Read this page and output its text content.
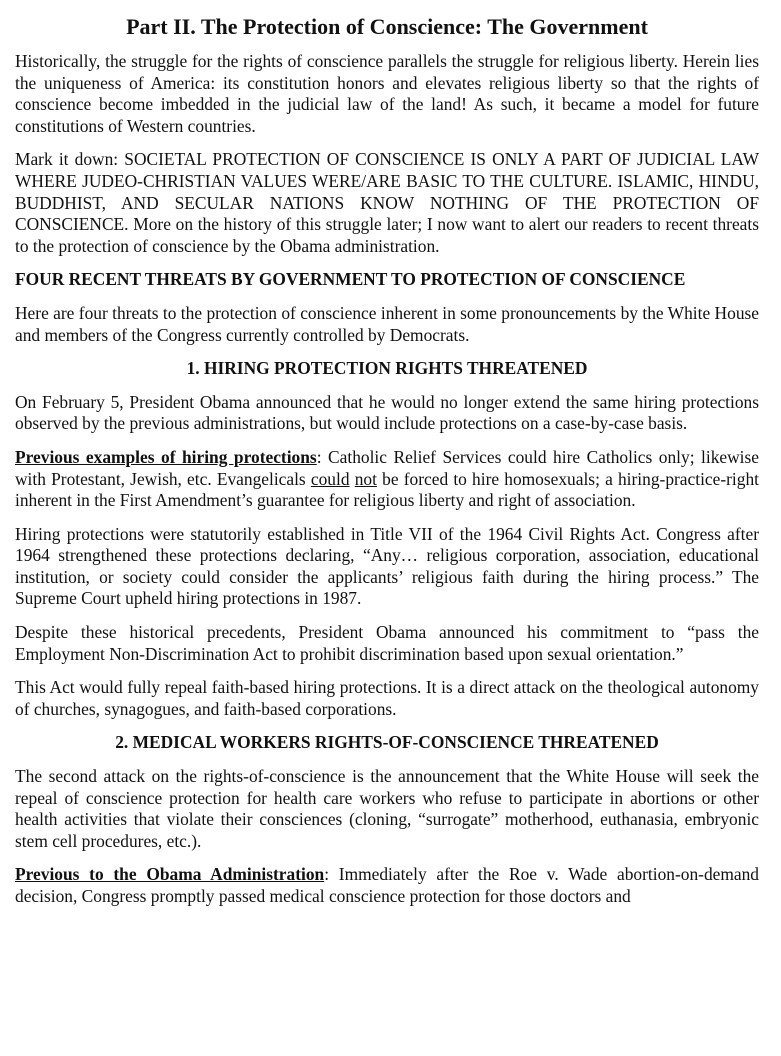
Part II. The Protection of Conscience: The Government

Historically, the struggle for the rights of conscience parallels the struggle for religious liberty. Herein lies the uniqueness of America: its constitution honors and elevates religious liberty so that the rights of conscience become imbedded in the judicial law of the land! As such, it became a model for future constitutions of Western countries.

Mark it down: SOCIETAL PROTECTION OF CONSCIENCE IS ONLY A PART OF JUDICIAL LAW WHERE JUDEO-CHRISTIAN VALUES WERE/ARE BASIC TO THE CULTURE. ISLAMIC, HINDU, BUDDHIST, AND SECULAR NATIONS KNOW NOTHING OF THE PROTECTION OF CONSCIENCE. More on the history of this struggle later; I now want to alert our readers to recent threats to the protection of conscience by the Obama administration.

FOUR RECENT THREATS BY GOVERNMENT TO PROTECTION OF CONSCIENCE

Here are four threats to the protection of conscience inherent in some pronouncements by the White House and members of the Congress currently controlled by Democrats.

1. HIRING PROTECTION RIGHTS THREATENED

On February 5, President Obama announced that he would no longer extend the same hiring protections observed by the previous administrations, but would include protections on a case-by-case basis.

Previous examples of hiring protections: Catholic Relief Services could hire Catholics only; likewise with Protestant, Jewish, etc. Evangelicals could not be forced to hire homosexuals; a hiring-practice-right inherent in the First Amendment’s guarantee for religious liberty and right of association.

Hiring protections were statutorily established in Title VII of the 1964 Civil Rights Act. Congress after 1964 strengthened these protections declaring, “Any… religious corporation, association, educational institution, or society could consider the applicants’ religious faith during the hiring process.” The Supreme Court upheld hiring protections in 1987.

Despite these historical precedents, President Obama announced his commitment to “pass the Employment Non-Discrimination Act to prohibit discrimination based upon sexual orientation.”

This Act would fully repeal faith-based hiring protections. It is a direct attack on the theological autonomy of churches, synagogues, and faith-based corporations.

2. MEDICAL WORKERS RIGHTS-OF-CONSCIENCE THREATENED

The second attack on the rights-of-conscience is the announcement that the White House will seek the repeal of conscience protection for health care workers who refuse to participate in abortions or other health activities that violate their consciences (cloning, “surrogate” motherhood, euthanasia, embryonic stem cell procedures, etc.).

Previous to the Obama Administration: Immediately after the Roe v. Wade abortion-on-demand decision, Congress promptly passed medical conscience protection for those doctors and
